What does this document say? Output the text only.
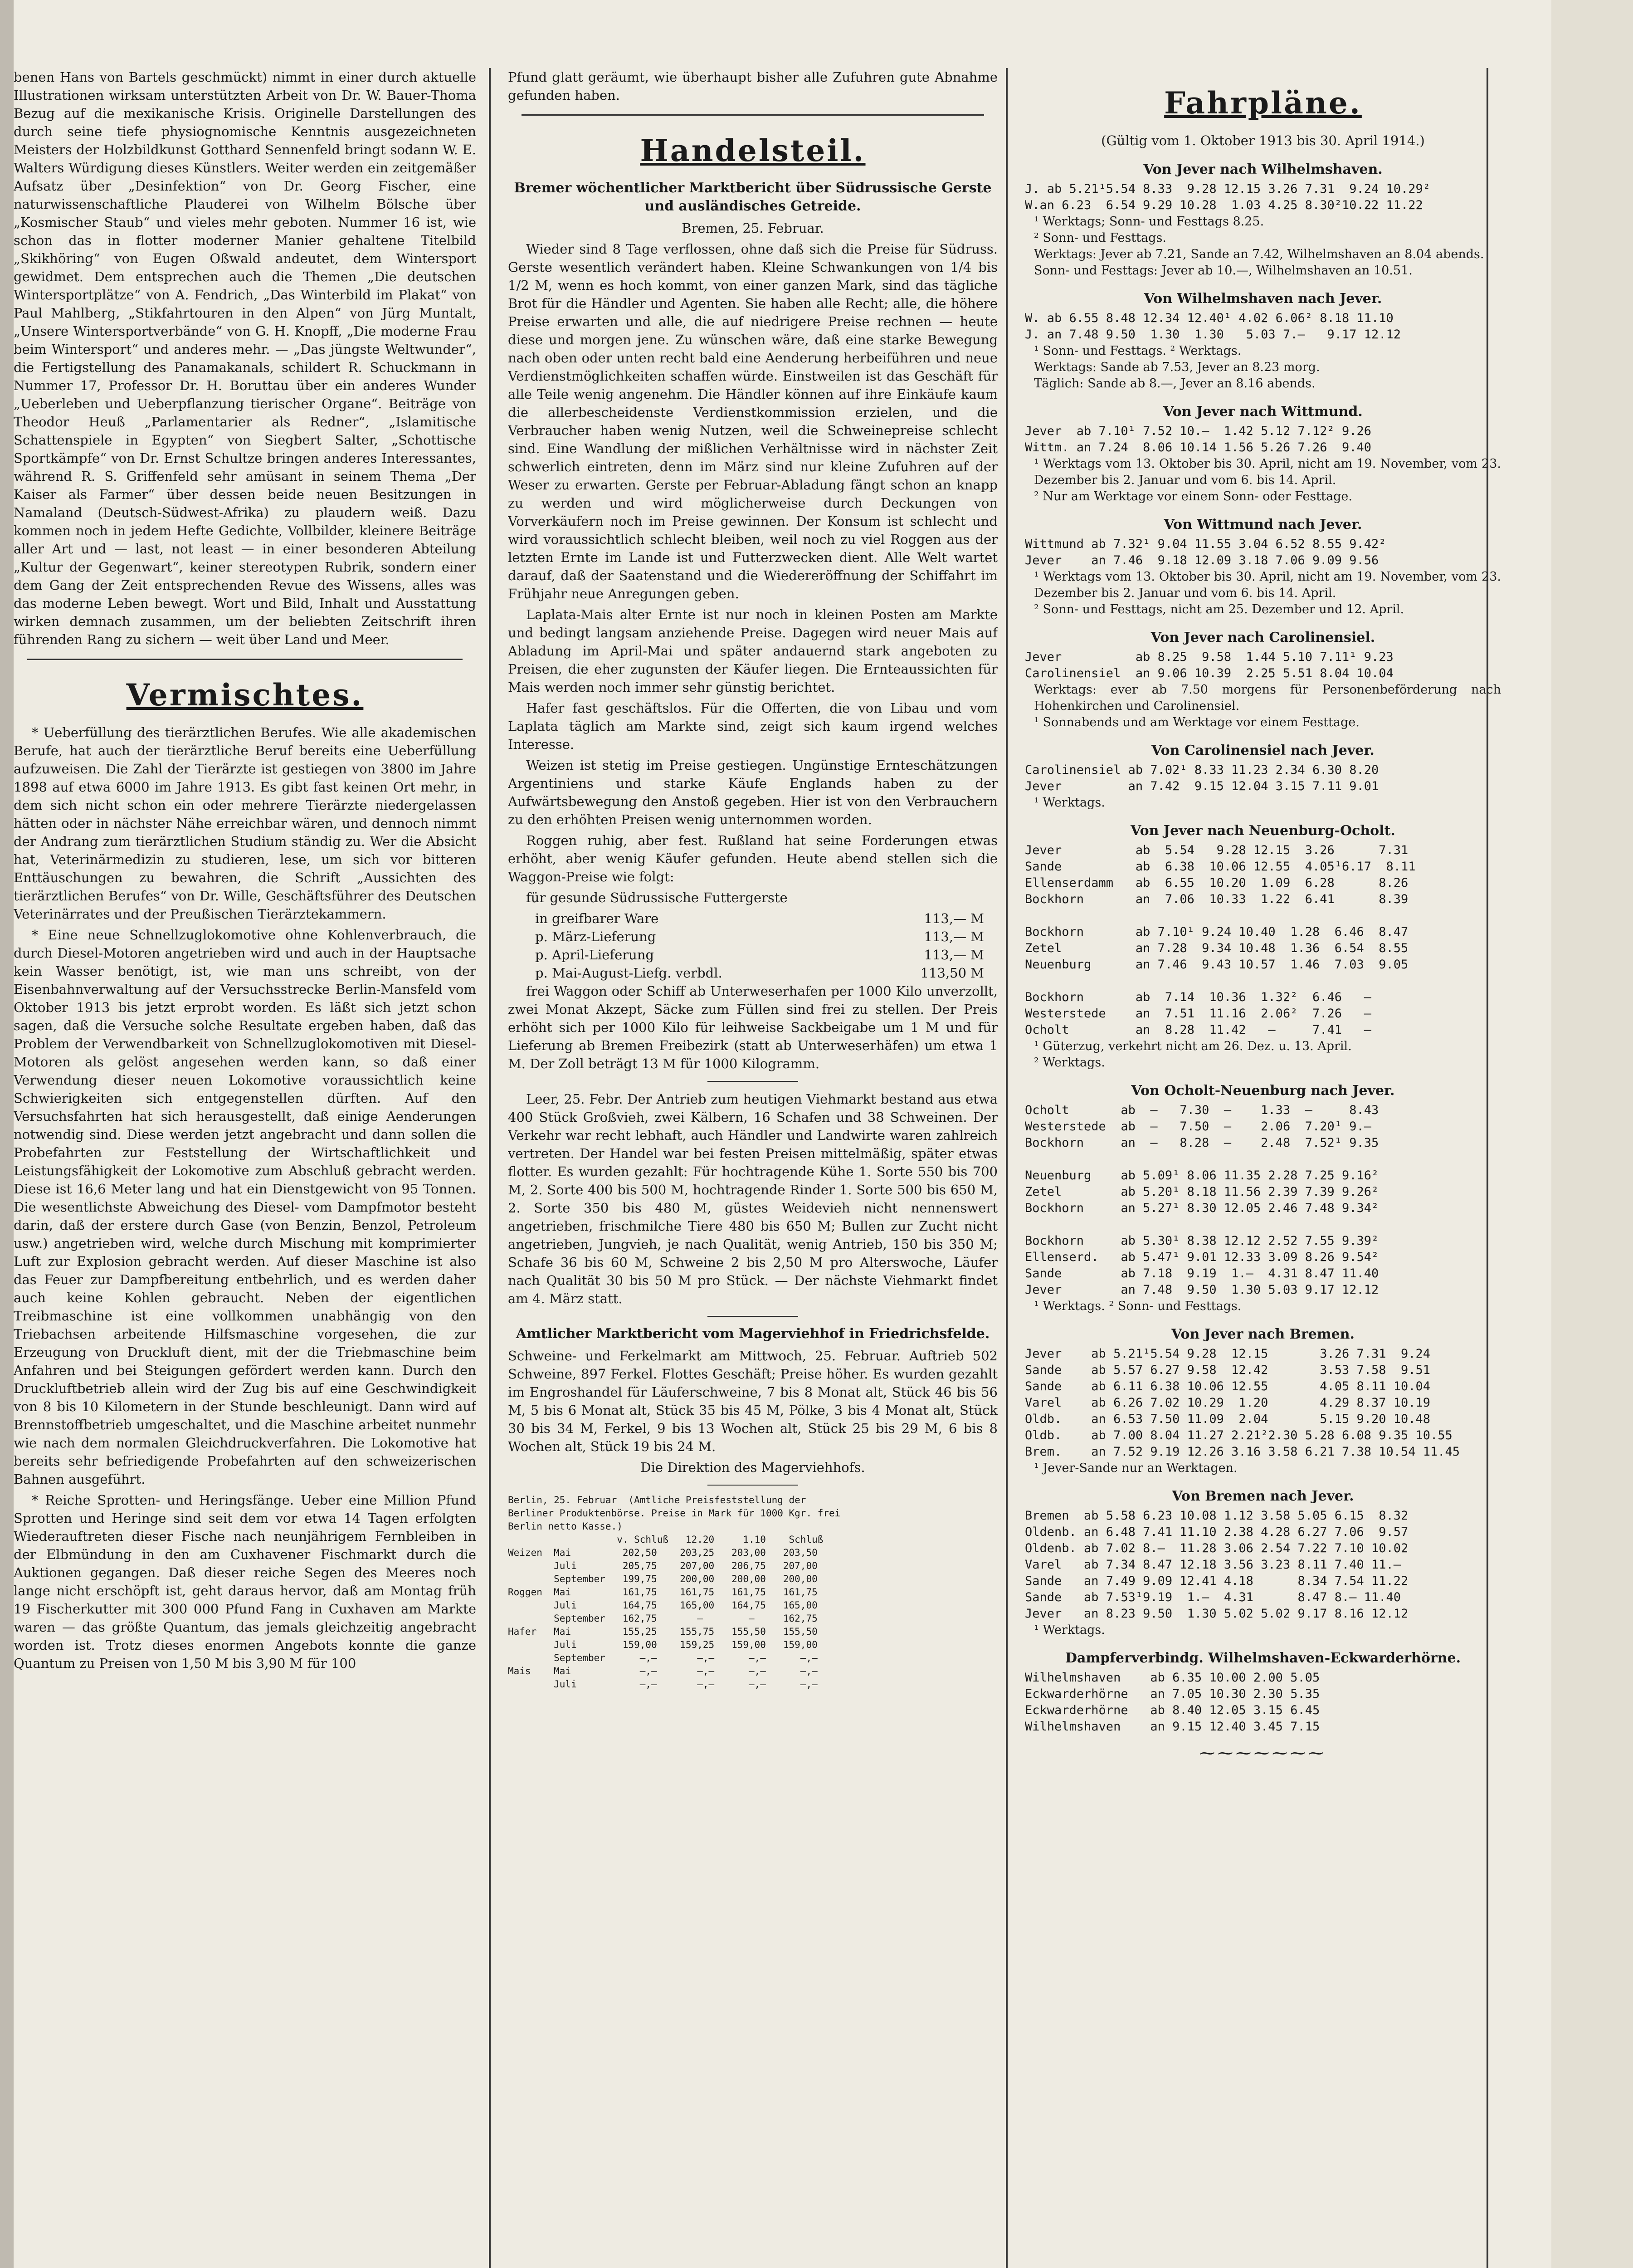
benen Hans von Bartels geschmückt) nimmt in einer durch aktuelle Illustrationen wirksam unterstützten Arbeit von Dr. W. Bauer-Thoma Bezug auf die mexikanische Krisis. Originelle Darstellungen des durch seine tiefe physiognomische Kenntnis ausgezeichneten Meisters der Holzbildkunst Gotthard Sennenfeld bringt sodann W. E. Walters Würdigung dieses Künstlers. Weiter werden ein zeitgemäßer Aufsatz über „Desinfektion“ von Dr. Georg Fischer, eine naturwissenschaftliche Plauderei von Wilhelm Bölsche über „Kosmischer Staub“ und vieles mehr geboten. Nummer 16 ist, wie schon das in flotter moderner Manier gehaltene Titelbild „Skikhöring“ von Eugen Oßwald andeutet, dem Wintersport gewidmet. Dem entsprechen auch die Themen „Die deutschen Wintersportplätze“ von A. Fendrich, „Das Winterbild im Plakat“ von Paul Mahlberg, „Stikfahrtouren in den Alpen“ von Jürg Muntalt, „Unsere Wintersportverbände“ von G. H. Knopff, „Die moderne Frau beim Wintersport“ und anderes mehr. — „Das jüngste Weltwunder“, die Fertigstellung des Panamakanals, schildert R. Schuckmann in Nummer 17, Professor Dr. H. Boruttau über ein anderes Wunder „Ueberleben und Ueberpflanzung tierischer Organe“. Beiträge von Theodor Heuß „Parlamentarier als Redner“, „Islamitische Schattenspiele in Egypten“ von Siegbert Salter, „Schottische Sportkämpfe“ von Dr. Ernst Schultze bringen anderes Interessantes, während R. S. Griffenfeld sehr amüsant in seinem Thema „Der Kaiser als Farmer“ über dessen beide neuen Besitzungen in Namaland (Deutsch-Südwest-Afrika) zu plaudern weiß. Dazu kommen noch in jedem Hefte Gedichte, Vollbilder, kleinere Beiträge aller Art und — last, not least — in einer besonderen Abteilung „Kultur der Gegenwart“, keiner stereotypen Rubrik, sondern einer dem Gang der Zeit entsprechenden Revue des Wissens, alles was das moderne Leben bewegt. Wort und Bild, Inhalt und Ausstattung wirken demnach zusammen, um der beliebten Zeitschrift ihren führenden Rang zu sichern — weit über Land und Meer.

Vermischtes.

* Ueberfüllung des tierärztlichen Berufes. Wie alle akademischen Berufe, hat auch der tierärztliche Beruf bereits eine Ueberfüllung aufzuweisen. Die Zahl der Tierärzte ist gestiegen von 3800 im Jahre 1898 auf etwa 6000 im Jahre 1913. Es gibt fast keinen Ort mehr, in dem sich nicht schon ein oder mehrere Tierärzte niedergelassen hätten oder in nächster Nähe erreichbar wären, und dennoch nimmt der Andrang zum tierärztlichen Studium ständig zu. Wer die Absicht hat, Veterinärmedizin zu studieren, lese, um sich vor bitteren Enttäuschungen zu bewahren, die Schrift „Aussichten des tierärztlichen Berufes“ von Dr. Wille, Geschäftsführer des Deutschen Veterinärrates und der Preußischen Tierärztekammern.

* Eine neue Schnellzuglokomotive ohne Kohlenverbrauch, die durch Diesel-Motoren angetrieben wird und auch in der Hauptsache kein Wasser benötigt, ist, wie man uns schreibt, von der Eisenbahnverwaltung auf der Versuchsstrecke Berlin-Mansfeld vom Oktober 1913 bis jetzt erprobt worden. Es läßt sich jetzt schon sagen, daß die Versuche solche Resultate ergeben haben, daß das Problem der Verwendbarkeit von Schnellzuglokomotiven mit Diesel-Motoren als gelöst angesehen werden kann, so daß einer Verwendung dieser neuen Lokomotive voraussichtlich keine Schwierigkeiten sich entgegenstellen dürften. Auf den Versuchsfahrten hat sich herausgestellt, daß einige Aenderungen notwendig sind. Diese werden jetzt angebracht und dann sollen die Probefahrten zur Feststellung der Wirtschaftlichkeit und Leistungsfähigkeit der Lokomotive zum Abschluß gebracht werden. Diese ist 16,6 Meter lang und hat ein Dienstgewicht von 95 Tonnen. Die wesentlichste Abweichung des Diesel- vom Dampfmotor besteht darin, daß der erstere durch Gase (von Benzin, Benzol, Petroleum usw.) angetrieben wird, welche durch Mischung mit komprimierter Luft zur Explosion gebracht werden. Auf dieser Maschine ist also das Feuer zur Dampfbereitung entbehrlich, und es werden daher auch keine Kohlen gebraucht. Neben der eigentlichen Treibmaschine ist eine vollkommen unabhängig von den Triebachsen arbeitende Hilfsmaschine vorgesehen, die zur Erzeugung von Druckluft dient, mit der die Triebmaschine beim Anfahren und bei Steigungen gefördert werden kann. Durch den Druckluftbetrieb allein wird der Zug bis auf eine Geschwindigkeit von 8 bis 10 Kilometern in der Stunde beschleunigt. Dann wird auf Brennstoffbetrieb umgeschaltet, und die Maschine arbeitet nunmehr wie nach dem normalen Gleichdruckverfahren. Die Lokomotive hat bereits sehr befriedigende Probefahrten auf den schweizerischen Bahnen ausgeführt.

* Reiche Sprotten- und Heringsfänge. Ueber eine Million Pfund Sprotten und Heringe sind seit dem vor etwa 14 Tagen erfolgten Wiederauftreten dieser Fische nach neunjährigem Fernbleiben in der Elbmündung in den am Cuxhavener Fischmarkt durch die Auktionen gegangen. Daß dieser reiche Segen des Meeres noch lange nicht erschöpft ist, geht daraus hervor, daß am Montag früh 19 Fischerkutter mit 300 000 Pfund Fang in Cuxhaven am Markte waren — das größte Quantum, das jemals gleichzeitig angebracht worden ist. Trotz dieses enormen Angebots konnte die ganze Quantum zu Preisen von 1,50 M bis 3,90 M für 100

Pfund glatt geräumt, wie überhaupt bisher alle Zufuhren gute Abnahme gefunden haben.

Handelsteil.
Bremer wöchentlicher Marktbericht über Südrussische Gerste und ausländisches Getreide.

Bremen, 25. Februar.

Wieder sind 8 Tage verflossen, ohne daß sich die Preise für Südruss. Gerste wesentlich verändert haben. Kleine Schwankungen von 1/4 bis 1/2 M, wenn es hoch kommt, von einer ganzen Mark, sind das tägliche Brot für die Händler und Agenten. Sie haben alle Recht; alle, die höhere Preise erwarten und alle, die auf niedrigere Preise rechnen — heute diese und morgen jene. Zu wünschen wäre, daß eine starke Bewegung nach oben oder unten recht bald eine Aenderung herbeiführen und neue Verdienstmöglichkeiten schaffen würde. Einstweilen ist das Geschäft für alle Teile wenig angenehm. Die Händler können auf ihre Einkäufe kaum die allerbescheidenste Verdienstkommission erzielen, und die Verbraucher haben wenig Nutzen, weil die Schweinepreise schlecht sind. Eine Wandlung der mißlichen Verhältnisse wird in nächster Zeit schwerlich eintreten, denn im März sind nur kleine Zufuhren auf der Weser zu erwarten. Gerste per Februar-Abladung fängt schon an knapp zu werden und wird möglicherweise durch Deckungen von Vorverkäufern noch im Preise gewinnen. Der Konsum ist schlecht und wird voraussichtlich schlecht bleiben, weil noch zu viel Roggen aus der letzten Ernte im Lande ist und Futterzwecken dient. Alle Welt wartet darauf, daß der Saatenstand und die Wiedereröffnung der Schiffahrt im Frühjahr neue Anregungen geben.

Laplata-Mais alter Ernte ist nur noch in kleinen Posten am Markte und bedingt langsam anziehende Preise. Dagegen wird neuer Mais auf Abladung im April-Mai und später andauernd stark angeboten zu Preisen, die eher zugunsten der Käufer liegen. Die Ernteaussichten für Mais werden noch immer sehr günstig berichtet.

Hafer fast geschäftslos. Für die Offerten, die von Libau und vom Laplata täglich am Markte sind, zeigt sich kaum irgend welches Interesse.

Weizen ist stetig im Preise gestiegen. Ungünstige Ernteschätzungen Argentiniens und starke Käufe Englands haben zu der Aufwärtsbewegung den Anstoß gegeben. Hier ist von den Verbrauchern zu den erhöhten Preisen wenig unternommen worden.

Roggen ruhig, aber fest. Rußland hat seine Forderungen etwas erhöht, aber wenig Käufer gefunden. Heute abend stellen sich die Waggon-Preise wie folgt:

für gesunde Südrussische Futtergerste

in greifbarer Ware	113,— M
p. März-Lieferung	113,— M
p. April-Lieferung	113,— M
p. Mai-August-Liefg. verbdl.	113,50 M

frei Waggon oder Schiff ab Unterweserhafen per 1000 Kilo unverzollt, zwei Monat Akzept, Säcke zum Füllen sind frei zu stellen. Der Preis erhöht sich per 1000 Kilo für leihweise Sackbeigabe um 1 M und für Lieferung ab Bremen Freibezirk (statt ab Unterweserhäfen) um etwa 1 M. Der Zoll beträgt 13 M für 1000 Kilogramm.

Leer, 25. Febr. Der Antrieb zum heutigen Viehmarkt bestand aus etwa 400 Stück Großvieh, zwei Kälbern, 16 Schafen und 38 Schweinen. Der Verkehr war recht lebhaft, auch Händler und Landwirte waren zahlreich vertreten. Der Handel war bei festen Preisen mittelmäßig, später etwas flotter. Es wurden gezahlt: Für hochtragende Kühe 1. Sorte 550 bis 700 M, 2. Sorte 400 bis 500 M, hochtragende Rinder 1. Sorte 500 bis 650 M, 2. Sorte 350 bis 480 M, güstes Weidevieh nicht nennenswert angetrieben, frischmilche Tiere 480 bis 650 M; Bullen zur Zucht nicht angetrieben, Jungvieh, je nach Qualität, wenig Antrieb, 150 bis 350 M; Schafe 36 bis 60 M, Schweine 2 bis 2,50 M pro Alterswoche, Läufer nach Qualität 30 bis 50 M pro Stück. — Der nächste Viehmarkt findet am 4. März statt.

Amtlicher Marktbericht vom Magerviehhof in Friedrichsfelde.

Schweine- und Ferkelmarkt am Mittwoch, 25. Februar. Auftrieb 502 Schweine, 897 Ferkel. Flottes Geschäft; Preise höher. Es wurden gezahlt im Engroshandel für Läuferschweine, 7 bis 8 Monat alt, Stück 46 bis 56 M, 5 bis 6 Monat alt, Stück 35 bis 45 M, Pölke, 3 bis 4 Monat alt, Stück 30 bis 34 M, Ferkel, 9 bis 13 Wochen alt, Stück 25 bis 29 M, 6 bis 8 Wochen alt, Stück 19 bis 24 M.

Die Direktion des Magerviehhofs.

Berlin, 25. Februar  (Amtliche Preisfeststellung der
Berliner Produktenbörse. Preise in Mark für 1000 Kgr. frei
Berlin netto Kasse.)
v. Schluß   12.20     1.10    Schluß
Weizen  Mai         202,50    203,25   203,00   203,50
Juli        205,75    207,00   206,75   207,00
September   199,75    200,00   200,00   200,00
Roggen  Mai         161,75    161,75   161,75   161,75
Juli        164,75    165,00   164,75   165,00
September   162,75       —        —     162,75
Hafer   Mai         155,25    155,75   155,50   155,50
Juli        159,00    159,25   159,00   159,00
September      —,—       —,—      —,—      —,—
Mais    Mai            —,—       —,—      —,—      —,—
Juli           —,—       —,—      —,—      —,—
Fahrpläne.

(Gültig vom 1. Oktober 1913 bis 30. April 1914.)

Von Jever nach Wilhelmshaven.
J. ab 5.21¹5.54 8.33  9.28 12.15 3.26 7.31  9.24 10.29²
W.an 6.23  6.54 9.29 10.28  1.03 4.25 8.30²10.22 11.22

¹ Werktags; Sonn- und Festtags 8.25.

² Sonn- und Festtags.

Werktags: Jever ab 7.21, Sande an 7.42, Wilhelmshaven an 8.04 abends.

Sonn- und Festtags: Jever ab 10.—, Wilhelmshaven an 10.51.

Von Wilhelmshaven nach Jever.
W. ab 6.55 8.48 12.34 12.40¹ 4.02 6.06² 8.18 11.10
J. an 7.48 9.50  1.30  1.30   5.03 7.—   9.17 12.12

¹ Sonn- und Festtags. ² Werktags.

Werktags: Sande ab 7.53, Jever an 8.23 morg.

Täglich: Sande ab 8.—, Jever an 8.16 abends.

Von Jever nach Wittmund.
Jever  ab 7.10¹ 7.52 10.—  1.42 5.12 7.12² 9.26
Wittm. an 7.24  8.06 10.14 1.56 5.26 7.26  9.40

¹ Werktags vom 13. Oktober bis 30. April, nicht am 19. November, vom 23. Dezember bis 2. Januar und vom 6. bis 14. April.

² Nur am Werktage vor einem Sonn- oder Festtage.

Von Wittmund nach Jever.
Wittmund ab 7.32¹ 9.04 11.55 3.04 6.52 8.55 9.42²
Jever    an 7.46  9.18 12.09 3.18 7.06 9.09 9.56

¹ Werktags vom 13. Oktober bis 30. April, nicht am 19. November, vom 23. Dezember bis 2. Januar und vom 6. bis 14. April.

² Sonn- und Festtags, nicht am 25. Dezember und 12. April.

Von Jever nach Carolinensiel.
Jever          ab 8.25  9.58  1.44 5.10 7.11¹ 9.23
Carolinensiel  an 9.06 10.39  2.25 5.51 8.04 10.04

Werktags: ever ab 7.50 morgens für Personenbeförderung nach Hohenkirchen und Carolinensiel.

¹ Sonnabends und am Werktage vor einem Festtage.

Von Carolinensiel nach Jever.
Carolinensiel ab 7.02¹ 8.33 11.23 2.34 6.30 8.20
Jever         an 7.42  9.15 12.04 3.15 7.11 9.01

¹ Werktags.

Von Jever nach Neuenburg-Ocholt.
Jever          ab  5.54   9.28 12.15  3.26      7.31
Sande          ab  6.38  10.06 12.55  4.05¹6.17  8.11
Ellenserdamm   ab  6.55  10.20  1.09  6.28      8.26
Bockhorn       an  7.06  10.33  1.22  6.41      8.39

Bockhorn       ab 7.10¹ 9.24 10.40  1.28  6.46  8.47
Zetel          an 7.28  9.34 10.48  1.36  6.54  8.55
Neuenburg      an 7.46  9.43 10.57  1.46  7.03  9.05

Bockhorn       ab  7.14  10.36  1.32²  6.46   —
Westerstede    an  7.51  11.16  2.06²  7.26   —
Ocholt         an  8.28  11.42   —     7.41   —

¹ Güterzug, verkehrt nicht am 26. Dez. u. 13. April.

² Werktags.

Von Ocholt-Neuenburg nach Jever.
Ocholt       ab  —   7.30  —    1.33  —     8.43
Westerstede  ab  —   7.50  —    2.06  7.20¹ 9.—
Bockhorn     an  —   8.28  —    2.48  7.52¹ 9.35

Neuenburg    ab 5.09¹ 8.06 11.35 2.28 7.25 9.16²
Zetel        ab 5.20¹ 8.18 11.56 2.39 7.39 9.26²
Bockhorn     an 5.27¹ 8.30 12.05 2.46 7.48 9.34²

Bockhorn     ab 5.30¹ 8.38 12.12 2.52 7.55 9.39²
Ellenserd.   ab 5.47¹ 9.01 12.33 3.09 8.26 9.54²
Sande        ab 7.18  9.19  1.—  4.31 8.47 11.40
Jever        an 7.48  9.50  1.30 5.03 9.17 12.12

¹ Werktags. ² Sonn- und Festtags.

Von Jever nach Bremen.
Jever    ab 5.21¹5.54 9.28  12.15       3.26 7.31  9.24
Sande    ab 5.57 6.27 9.58  12.42       3.53 7.58  9.51
Sande    ab 6.11 6.38 10.06 12.55       4.05 8.11 10.04
Varel    ab 6.26 7.02 10.29  1.20       4.29 8.37 10.19
Oldb.    an 6.53 7.50 11.09  2.04       5.15 9.20 10.48
Oldb.    ab 7.00 8.04 11.27 2.21²2.30 5.28 6.08 9.35 10.55
Brem.    an 7.52 9.19 12.26 3.16 3.58 6.21 7.38 10.54 11.45

¹ Jever-Sande nur an Werktagen.

Von Bremen nach Jever.
Bremen  ab 5.58 6.23 10.08 1.12 3.58 5.05 6.15  8.32
Oldenb. an 6.48 7.41 11.10 2.38 4.28 6.27 7.06  9.57
Oldenb. ab 7.02 8.—  11.28 3.06 2.54 7.22 7.10 10.02
Varel   ab 7.34 8.47 12.18 3.56 3.23 8.11 7.40 11.—
Sande   an 7.49 9.09 12.41 4.18      8.34 7.54 11.22
Sande   ab 7.53¹9.19  1.—  4.31      8.47 8.— 11.40
Jever   an 8.23 9.50  1.30 5.02 5.02 9.17 8.16 12.12

¹ Werktags.

Dampferverbindg. Wilhelmshaven-Eckwarderhörne.
Wilhelmshaven    ab 6.35 10.00 2.00 5.05
Eckwarderhörne   an 7.05 10.30 2.30 5.35
Eckwarderhörne   ab 8.40 12.05 3.15 6.45
Wilhelmshaven    an 9.15 12.40 3.45 7.15
⁓⁓⁓⁓⁓⁓⁓
